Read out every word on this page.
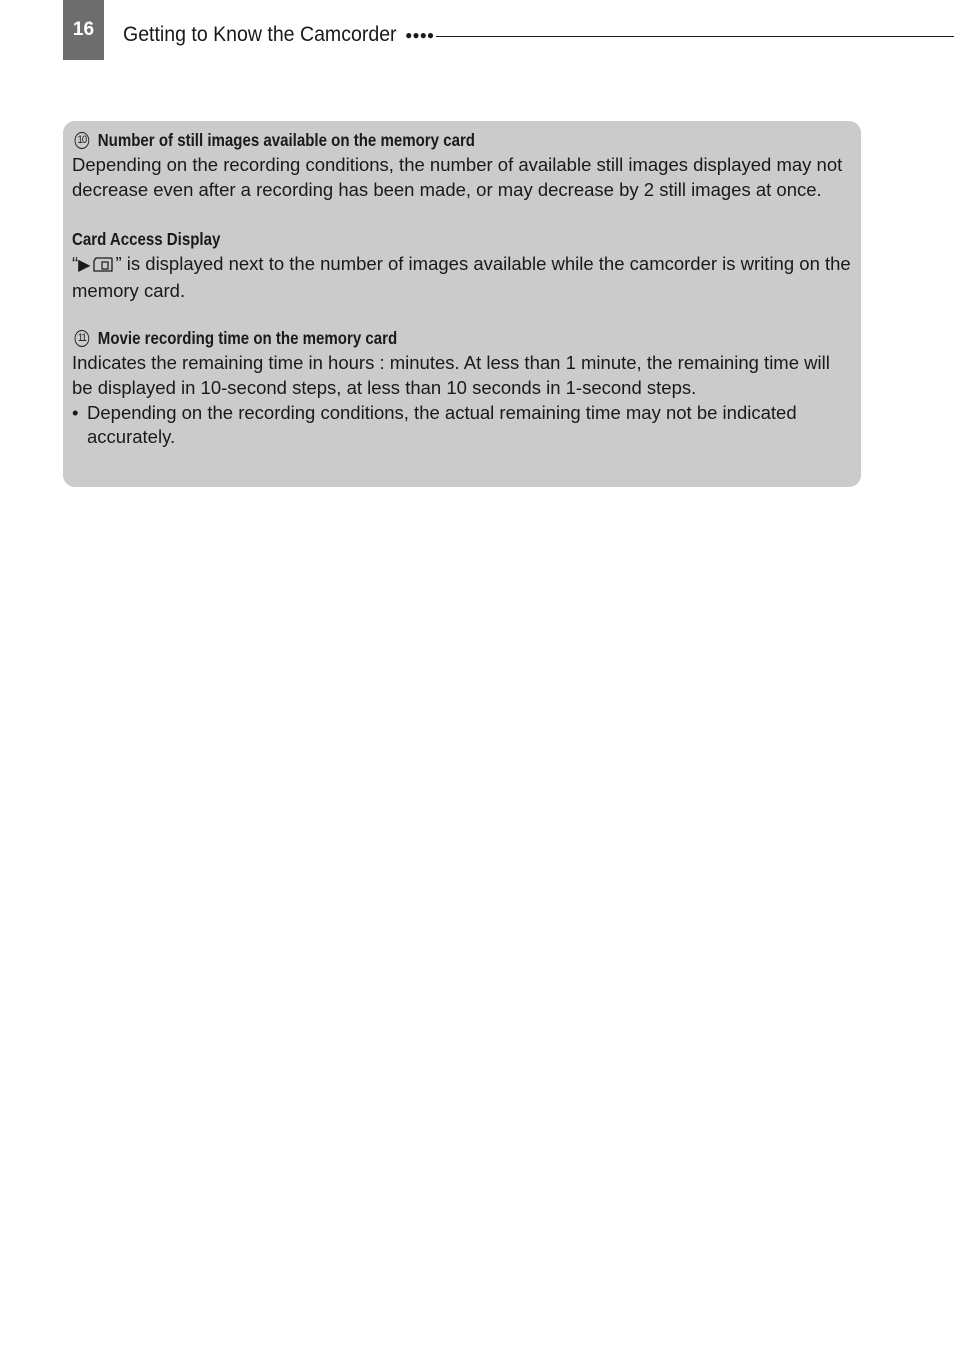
16	Getting to Know the Camcorder ●●●●
10 Number of still images available on the memory card

Depending on the recording conditions, the number of available still images displayed may not decrease even after a recording has been made, or may decrease by 2 still images at once.

Card Access Display

“▶ ” is displayed next to the number of images available while the camcorder is writing on the memory card.

11 Movie recording time on the memory card

Indicates the remaining time in hours : minutes. At less than 1 minute, the remaining time will be displayed in 10-second steps, at less than 10 seconds in 1-second steps.

• Depending on the recording conditions, the actual remaining time may not be indicated accurately.
